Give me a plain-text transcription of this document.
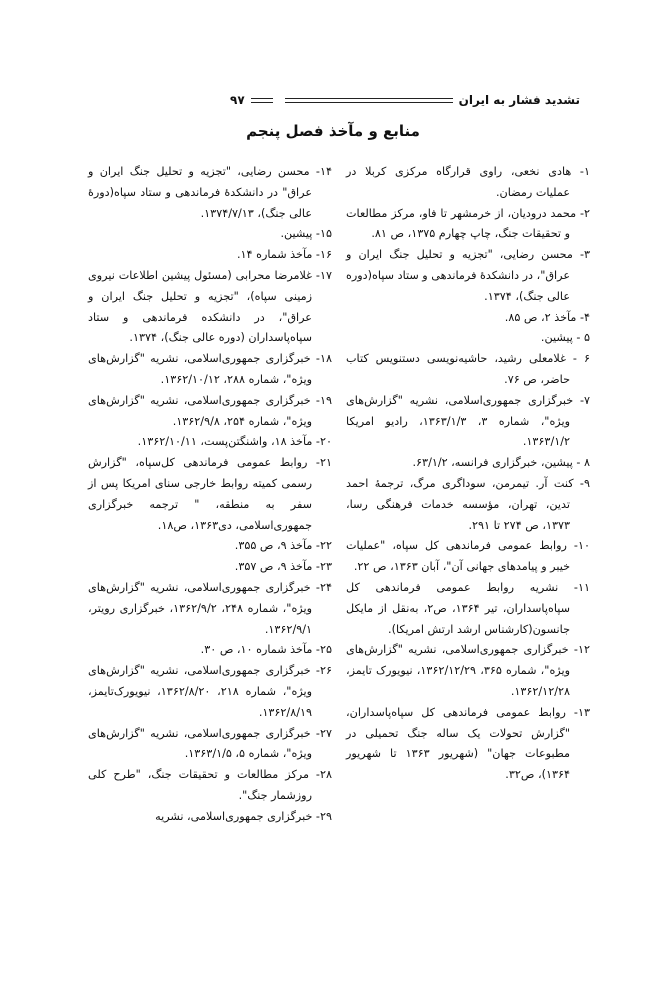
تشدید فشار به ایران
۹۷
منابع و مآخذ فصل پنجم

۱- هادی نخعی، راوی قرارگاه مرکزی کربلا در عملیات رمضان.

۲- محمد درودیان، از خرمشهر تا فاو، مرکز مطالعات و تحقیقات جنگ، چاپ چهارم ۱۳۷۵، ص ۸۱.

۳- محسن رضایی، "تجزیه و تحلیل جنگ ایران و عراق"، در دانشکدهٔ فرماندهی و ستاد سپاه(دوره عالی جنگ)، ۱۳۷۴.

۴- مآخذ ۲، ص ۸۵.

۵ - پیشین.

۶ - غلامعلی رشید، حاشیه‌نویسی دستنویس کتاب حاضر، ص ۷۶.

۷- خبرگزاری جمهوری‌اسلامی، نشریه "گزارش‌های ویژه"، شماره ۳، ۱۳۶۳/۱/۳، رادیو امریکا ۱۳۶۳/۱/۲.

۸ - پیشین، خبرگزاری فرانسه، ۶۳/۱/۲.

۹- کنت آر. تیمرمن، سوداگری مرگ، ترجمهٔ احمد تدین، تهران، مؤسسه خدمات فرهنگی رسا، ۱۳۷۳، ص ۲۷۴ تا ۲۹۱.

۱۰- روابط عمومی فرماندهی کل سپاه، "عملیات خیبر و پیامدهای جهانی آن"، آبان ۱۳۶۳، ص ۲۲.

۱۱- نشریه روابط عمومی فرماندهی کل سپاه‌پاسداران، تیر ۱۳۶۴، ص۲، به‌نقل از مایکل جانسون(کارشناس ارشد ارتش امریکا).

۱۲- خبرگزاری جمهوری‌اسلامی، نشریه "گزارش‌های ویژه"، شماره ۳۶۵، ۱۳۶۲/۱۲/۲۹، نیویورک تایمز، ۱۳۶۲/۱۲/۲۸.

۱۳- روابط عمومی فرماندهی کل سپاه‌پاسداران، "گزارش تحولات یک ساله جنگ تحمیلی در مطبوعات جهان" (شهریور ۱۳۶۳ تا شهریور ۱۳۶۴)، ص۳۲.

۱۴- محسن رضایی، "تجزیه و تحلیل جنگ ایران و عراق" در دانشکدهٔ فرماندهی و ستاد سپاه(دورهٔ عالی جنگ)، ۱۳۷۴/۷/۱۳.

۱۵- پیشین.

۱۶- مآخذ شماره ۱۴.

۱۷- غلامرضا محرابی (مسئول پیشین اطلاعات نیروی زمینی سپاه)، "تجزیه و تحلیل جنگ ایران و عراق"، در دانشکده فرماندهی و ستاد سپاه‌پاسداران (دوره عالی جنگ)، ۱۳۷۴.

۱۸- خبرگزاری جمهوری‌اسلامی، نشریه "گزارش‌های ویژه"، شماره ۲۸۸، ۱۳۶۲/۱۰/۱۲.

۱۹- خبرگزاری جمهوری‌اسلامی، نشریه "گزارش‌های ویژه"، شماره ۲۵۴، ۱۳۶۲/۹/۸.

۲۰- مآخذ ۱۸، واشنگتن‌پست، ۱۳۶۲/۱۰/۱۱.

۲۱- روابط عمومی فرماندهی کل‌سپاه، "گزارش رسمی کمیته روابط خارجی سنای امریکا پس از سفر به منطقه، " ترجمه خبرگزاری جمهوری‌اسلامی، دی۱۳۶۳، ص۱۸.

۲۲- مآخذ ۹، ص ۳۵۵.

۲۳- مآخذ ۹، ص ۳۵۷.

۲۴- خبرگزاری جمهوری‌اسلامی، نشریه "گزارش‌های ویژه"، شماره ۲۴۸، ۱۳۶۲/۹/۲، خبرگزاری رویتر، ۱۳۶۲/۹/۱.

۲۵- مآخذ شماره ۱۰، ص ۳۰.

۲۶- خبرگزاری جمهوری‌اسلامی، نشریه "گزارش‌های ویژه"، شماره ۲۱۸، ۱۳۶۲/۸/۲۰، نیویورک‌تایمز، ۱۳۶۲/۸/۱۹.

۲۷- خبرگزاری جمهوری‌اسلامی، نشریه "گزارش‌های ویژه"، شماره ۵، ۱۳۶۳/۱/۵.

۲۸- مرکز مطالعات و تحقیقات جنگ، "طرح کلی روزشمار جنگ".

۲۹- خبرگزاری جمهوری‌اسلامی، نشریه
